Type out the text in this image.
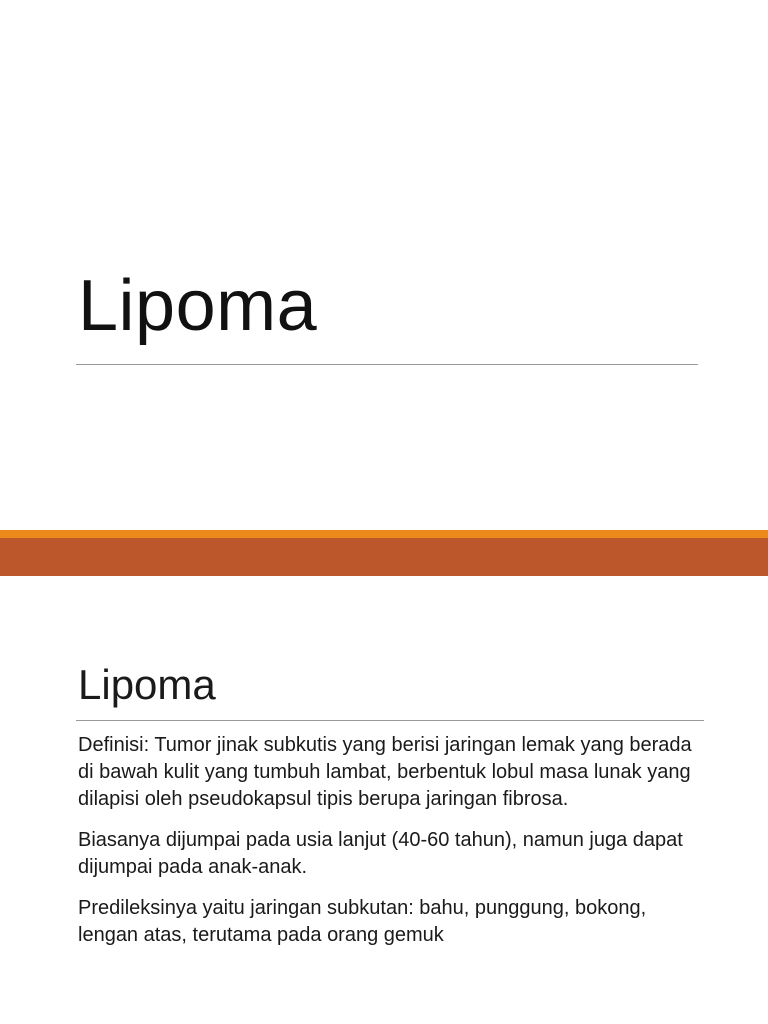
Lipoma
Lipoma

Definisi: Tumor jinak subkutis yang berisi jaringan lemak yang berada di bawah kulit yang tumbuh lambat, berbentuk lobul masa lunak yang dilapisi oleh pseudokapsul tipis berupa jaringan fibrosa.

Biasanya dijumpai pada usia lanjut (40-60 tahun), namun juga dapat dijumpai pada anak-anak.

Predileksinya yaitu jaringan subkutan: bahu, punggung, bokong, lengan atas, terutama pada orang gemuk
